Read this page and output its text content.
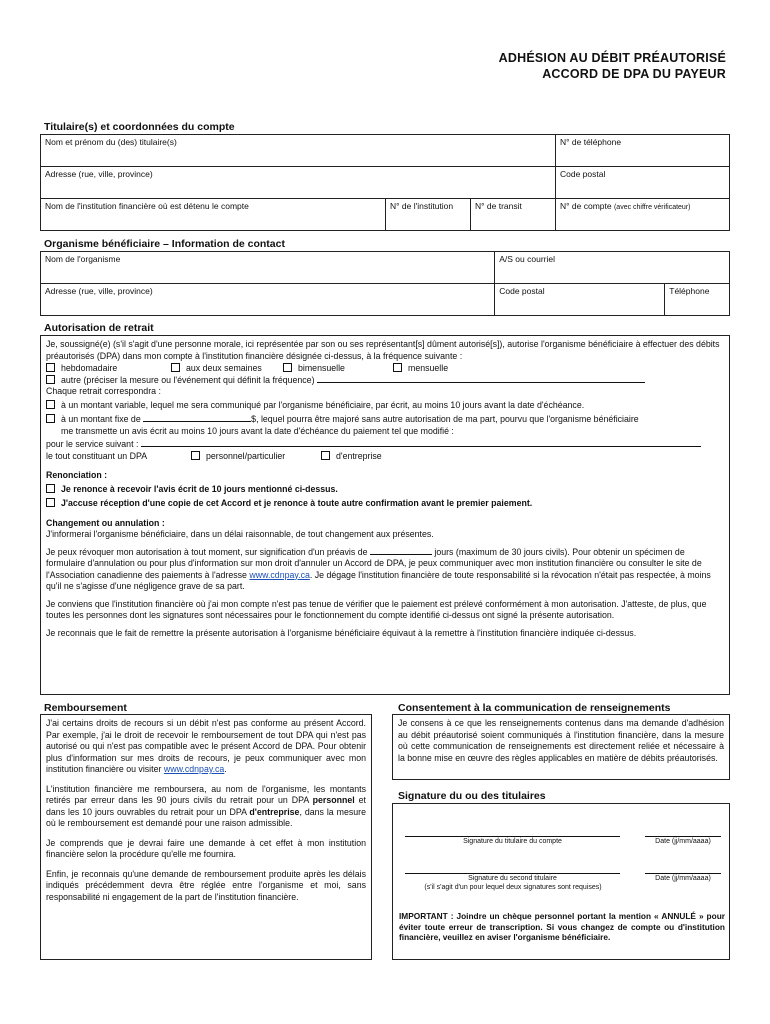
ADHÉSION AU DÉBIT PRÉAUTORISÉ
ACCORD DE DPA DU PAYEUR
Titulaire(s) et coordonnées du compte
Nom et prénom du (des) titulaire(s)			N° de téléphone
Adresse (rue, ville, province)			Code postal
Nom de l'institution financière où est détenu le compte	N° de l'institution	N° de transit	N° de compte (avec chiffre vérificateur)
Organisme bénéficiaire – Information de contact
Nom de l'organisme	A/S ou courriel	
Adresse (rue, ville, province)	Code postal	Téléphone
Autorisation de retrait
Je, soussigné(e) (s'il s'agit d'une personne morale, ici représentée par son ou ses représentant[s] dûment autorisé[s]), autorise l'organisme bénéficiaire à effectuer des débits préautorisés (DPA) dans mon compte à l'institution financière désignée ci-dessus, à la fréquence suivante :
hebdomadaire	aux deux semaines	bimensuelle	mensuelle
autre (préciser la mesure ou l'événement qui définit la fréquence)
Chaque retrait correspondra :
à un montant variable, lequel me sera communiqué par l'organisme bénéficiaire, par écrit, au moins 10 jours avant la date d'échéance.
à un montant fixe de	$, lequel pourra être majoré sans autre autorisation de ma part, pourvu que l'organisme bénéficiaire
me transmette un avis écrit au moins 10 jours avant la date d'échéance du paiement tel que modifié :
pour le service suivant :
le tout constituant un DPA	personnel/particulier	d'entreprise
Renonciation :
Je renonce à recevoir l'avis écrit de 10 jours mentionné ci-dessus.
J'accuse réception d'une copie de cet Accord et je renonce à toute autre confirmation avant le premier paiement.
Changement ou annulation :
J'informerai l'organisme bénéficiaire, dans un délai raisonnable, de tout changement aux présentes.
Je peux révoquer mon autorisation à tout moment, sur signification d'un préavis de	jours (maximum de 30 jours civils). Pour obtenir un spécimen de formulaire d'annulation ou pour plus d'information sur mon droit d'annuler un Accord de DPA, je peux communiquer avec mon institution financière ou consulter le site de l'Association canadienne des paiements à l'adresse www.cdnpay.ca. Je dégage l'institution financière de toute responsabilité si la révocation n'était pas respectée, à moins qu'il ne s'agisse d'une négligence grave de sa part.
Je conviens que l'institution financière où j'ai mon compte n'est pas tenue de vérifier que le paiement est prélevé conformément à mon autorisation. J'atteste, de plus, que toutes les personnes dont les signatures sont nécessaires pour le fonctionnement du compte identifié ci-dessus ont signé la présente autorisation.
Je reconnais que le fait de remettre la présente autorisation à l'organisme bénéficiaire équivaut à la remettre à l'institution financière indiquée ci-dessus.
Remboursement
J'ai certains droits de recours si un débit n'est pas conforme au présent Accord. Par exemple, j'ai le droit de recevoir le remboursement de tout DPA qui n'est pas autorisé ou qui n'est pas compatible avec le présent Accord de DPA. Pour obtenir plus d'information sur mes droits de recours, je peux communiquer avec mon institution financière ou visiter www.cdnpay.ca.
L'institution financière me remboursera, au nom de l'organisme, les montants retirés par erreur dans les 90 jours civils du retrait pour un DPA personnel et dans les 10 jours ouvrables du retrait pour un DPA d'entreprise, dans la mesure où le remboursement est demandé pour une raison admissible.
Je comprends que je devrai faire une demande à cet effet à mon institution financière selon la procédure qu'elle me fournira.
Enfin, je reconnais qu'une demande de remboursement produite après les délais indiqués précédemment devra être réglée entre l'organisme et moi, sans responsabilité ni engagement de la part de l'institution financière.
Consentement à la communication de renseignements
Je consens à ce que les renseignements contenus dans ma demande d'adhésion au débit préautorisé soient communiqués à l'institution financière, dans la mesure où cette communication de renseignements est directement reliée et nécessaire à la bonne mise en œuvre des règles applicables en matière de débits préautorisés.
Signature du ou des titulaires
Signature du titulaire du compte	Date (jj/mm/aaaa)
Signature du second titulaire
(s'il s'agit d'un pour lequel deux signatures sont requises)
Date (jj/mm/aaaa)
IMPORTANT : Joindre un chèque personnel portant la mention « ANNULÉ » pour éviter toute erreur de transcription. Si vous changez de compte ou d'institution financière, veuillez en aviser l'organisme bénéficiaire.
